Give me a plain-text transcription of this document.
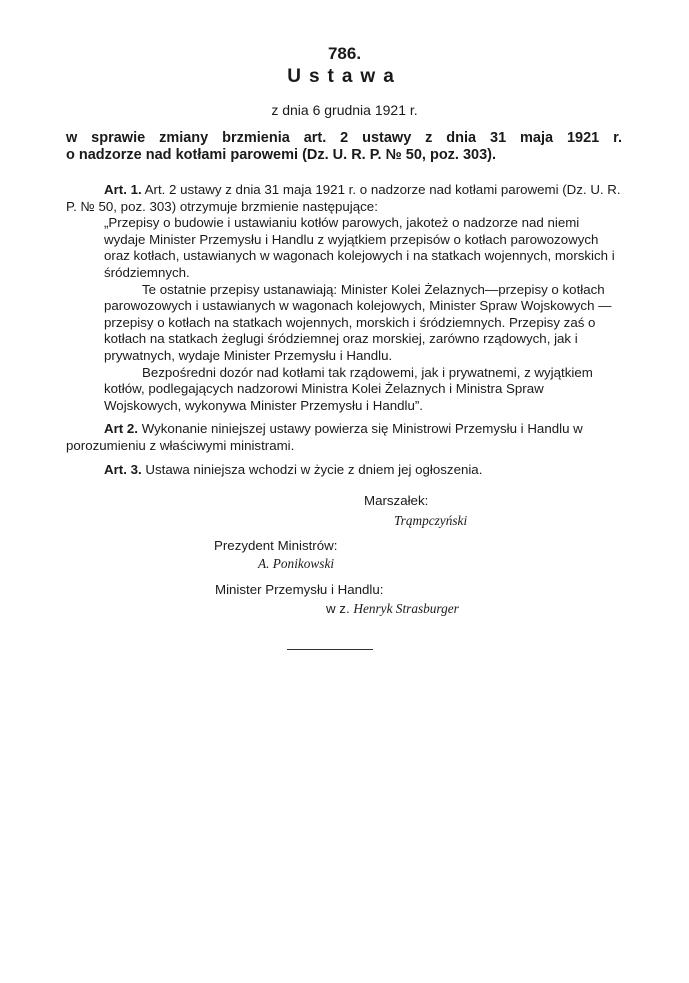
786.
Ustawa
z dnia 6 grudnia 1921 r.
w sprawie zmiany brzmienia art. 2 ustawy z dnia 31 maja 1921 r.
o nadzorze nad kotłami parowemi (Dz. U. R. P. № 50, poz. 303).

Art. 1. Art. 2 ustawy z dnia 31 maja 1921 r. o nadzorze nad kotłami parowemi (Dz. U. R. P. № 50, poz. 303) otrzymuje brzmienie następujące:

„Przepisy o budowie i ustawianiu kotłów parowych, jakoteż o nadzorze nad niemi wydaje Minister Przemysłu i Handlu z wyjątkiem przepisów o kotłach parowozowych oraz kotłach, ustawianych w wagonach kolejowych i na statkach wojennych, morskich i śródziemnych.

Te ostatnie przepisy ustanawiają: Minister Kolei Żelaznych—przepisy o kotłach parowozowych i ustawianych w wagonach kolejowych, Minister Spraw Wojskowych — przepisy o kotłach na statkach wojennych, morskich i śródziemnych. Przepisy zaś o kotłach na statkach żeglugi śródziemnej oraz morskiej, zarówno rządowych, jak i prywatnych, wydaje Minister Przemysłu i Handlu.

Bezpośredni dozór nad kotłami tak rządowemi, jak i prywatnemi, z wyjątkiem kotłów, podlegających nadzorowi Ministra Kolei Żelaznych i Ministra Spraw Wojskowych, wykonywa Minister Przemysłu i Handlu”.

Art 2. Wykonanie niniejszej ustawy powierza się Ministrowi Przemysłu i Handlu w porozumieniu z właściwymi ministrami.

Art. 3. Ustawa niniejsza wchodzi w życie z dniem jej ogłoszenia.

Marszałek:
Trąmpczyński
Prezydent Ministrów:
A. Ponikowski
Minister Przemysłu i Handlu:
w z. Henryk Strasburger
